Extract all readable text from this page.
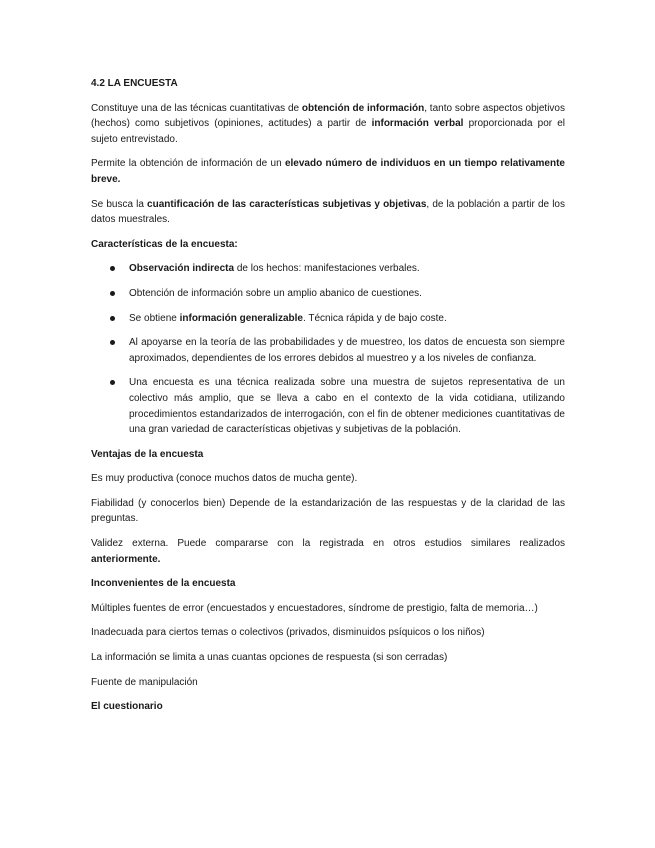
4.2 LA ENCUESTA

Constituye una de las técnicas cuantitativas de obtención de información, tanto sobre aspectos objetivos (hechos) como subjetivos (opiniones, actitudes) a partir de información verbal proporcionada por el sujeto entrevistado.

Permite la obtención de información de un elevado número de individuos en un tiempo relativamente breve.

Se busca la cuantificación de las características subjetivas y objetivas, de la población a partir de los datos muestrales.

Características de la encuesta:
Observación indirecta de los hechos: manifestaciones verbales.
Obtención de información sobre un amplio abanico de cuestiones.
Se obtiene información generalizable. Técnica rápida y de bajo coste.
Al apoyarse en la teoría de las probabilidades y de muestreo, los datos de encuesta son siempre aproximados, dependientes de los errores debidos al muestreo y a los niveles de confianza.
Una encuesta es una técnica realizada sobre una muestra de sujetos representativa de un colectivo más amplio, que se lleva a cabo en el contexto de la vida cotidiana, utilizando procedimientos estandarizados de interrogación, con el fin de obtener mediciones cuantitativas de una gran variedad de características objetivas y subjetivas de la población.
Ventajas de la encuesta

Es muy productiva (conoce muchos datos de mucha gente).

Fiabilidad (y conocerlos bien) Depende de la estandarización de las respuestas y de la claridad de las preguntas.

Validez externa. Puede compararse con la registrada en otros estudios similares realizados anteriormente.

Inconvenientes de la encuesta

Múltiples fuentes de error (encuestados y encuestadores, síndrome de prestigio, falta de memoria…)

Inadecuada para ciertos temas o colectivos (privados, disminuidos psíquicos o los niños)

La información se limita a unas cuantas opciones de respuesta (si son cerradas)

Fuente de manipulación

El cuestionario
